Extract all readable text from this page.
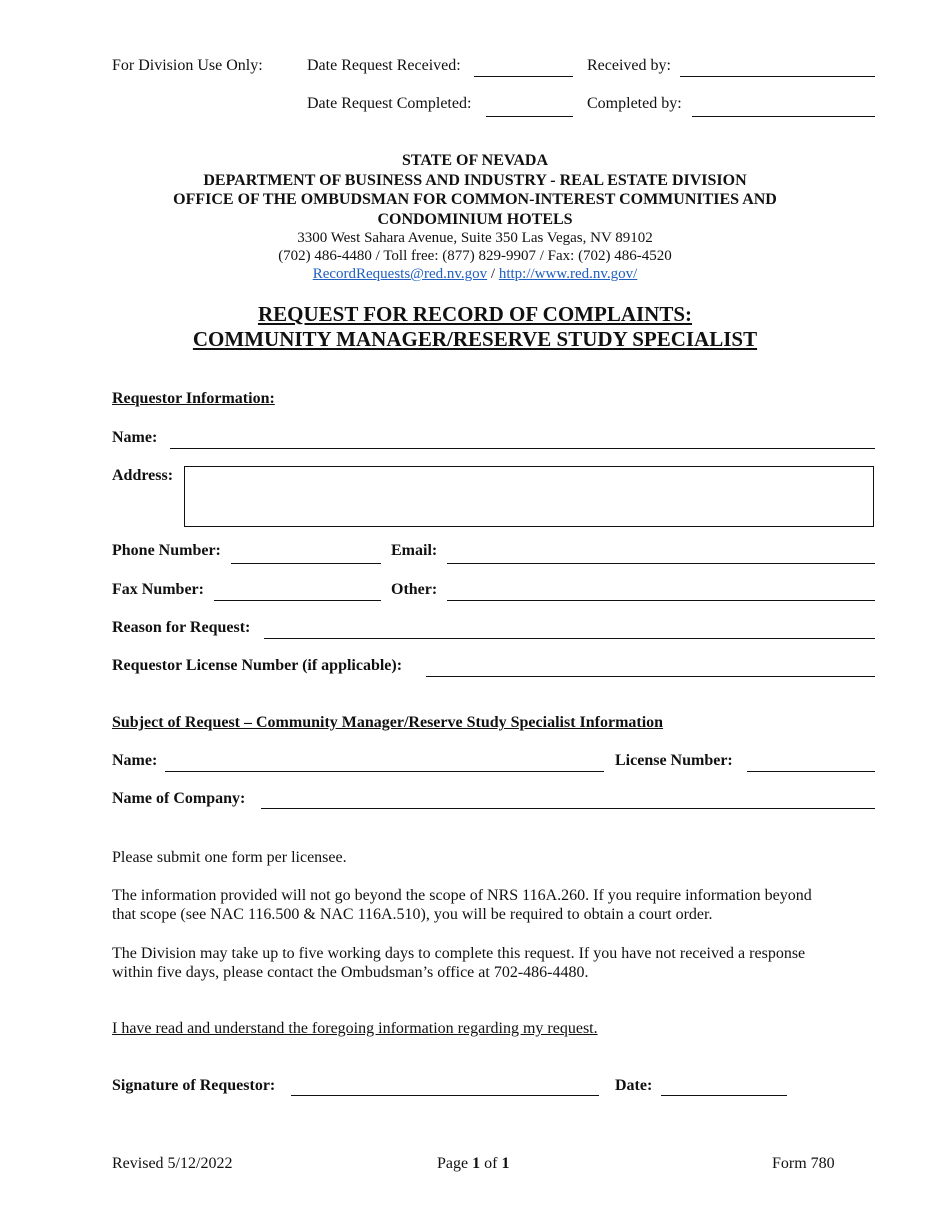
For Division Use Only:	Date Request Received:	Received by:
Date Request Completed:	Completed by:
STATE OF NEVADA
DEPARTMENT OF BUSINESS AND INDUSTRY - REAL ESTATE DIVISION
OFFICE OF THE OMBUDSMAN FOR COMMON-INTEREST COMMUNITIES AND
CONDOMINIUM HOTELS
3300 West Sahara Avenue, Suite 350 Las Vegas, NV 89102
(702) 486-4480 / Toll free: (877) 829-9907 / Fax: (702) 486-4520
RecordRequests@red.nv.gov / http://www.red.nv.gov/
REQUEST FOR RECORD OF COMPLAINTS:
COMMUNITY MANAGER/RESERVE STUDY SPECIALIST
Requestor Information:
Name:
Address:
Phone Number:	Email:
Fax Number:	Other:
Reason for Request:
Requestor License Number (if applicable):
Subject of Request – Community Manager/Reserve Study Specialist Information
Name:	License Number:
Name of Company:
Please submit one form per licensee.
The information provided will not go beyond the scope of NRS 116A.260. If you require information beyond that scope (see NAC 116.500 & NAC 116A.510), you will be required to obtain a court order.
The Division may take up to five working days to complete this request. If you have not received a response within five days, please contact the Ombudsman’s office at 702-486-4480.
I have read and understand the foregoing information regarding my request.
Signature of Requestor:	Date:
Revised 5/12/2022	Page 1 of 1	Form 780
